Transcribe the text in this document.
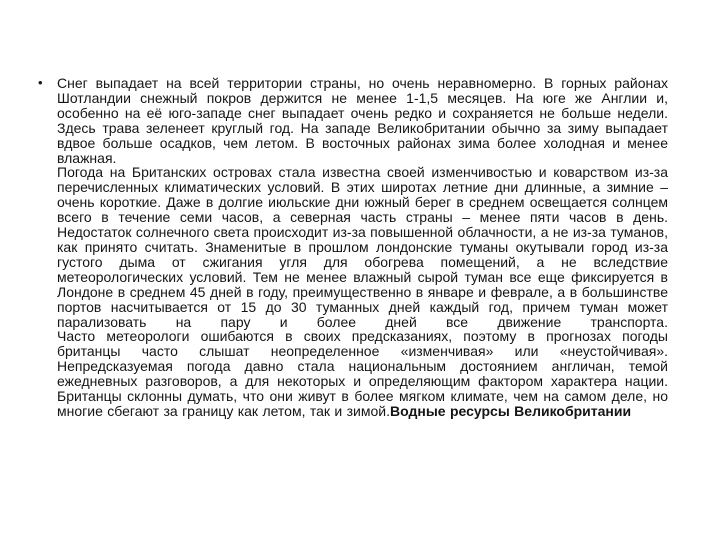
•	Снег выпадает на всей территории страны, но очень неравномерно. В горных районах Шотландии снежный покров держится не менее 1-1,5 месяцев. На юге же Англии и, особенно на её юго-западе снег выпадает очень редко и сохраняется не больше недели. Здесь трава зеленеет круглый год. На западе Великобритании обычно за зиму выпадает вдвое больше осадков, чем летом. В восточных районах зима более холодная и менее влажная.

Погода на Британских островах стала известна своей изменчивостью и коварством из-за перечисленных климатических условий. В этих широтах летние дни длинные, а зимние – очень короткие. Даже в долгие июльские дни южный берег в среднем освещается солнцем всего в течение семи часов, а северная часть страны – менее пяти часов в день. Недостаток солнечного света происходит из-за повышенной облачности, а не из-за туманов, как принято считать. Знаменитые в прошлом лондонские туманы окутывали город из-за густого дыма от сжигания угля для обогрева помещений, а не вследствие метеорологических условий. Тем не менее влажный сырой туман все еще фиксируется в Лондоне в среднем 45 дней в году, преимущественно в январе и феврале, а в большинстве портов насчитывается от 15 до 30 туманных дней каждый год, причем туман может парализовать на пару и более дней все движение транспорта.

Часто метеорологи ошибаются в своих предсказаниях, поэтому в прогнозах погоды британцы часто слышат неопределенное «изменчивая» или «неустойчивая». Непредсказуемая погода давно стала национальным достоянием англичан, темой ежедневных разговоров, а для некоторых и определяющим фактором характера нации. Британцы склонны думать, что они живут в более мягком климате, чем на самом деле, но многие сбегают за границу как летом, так и зимой.Водные ресурсы Великобритании
